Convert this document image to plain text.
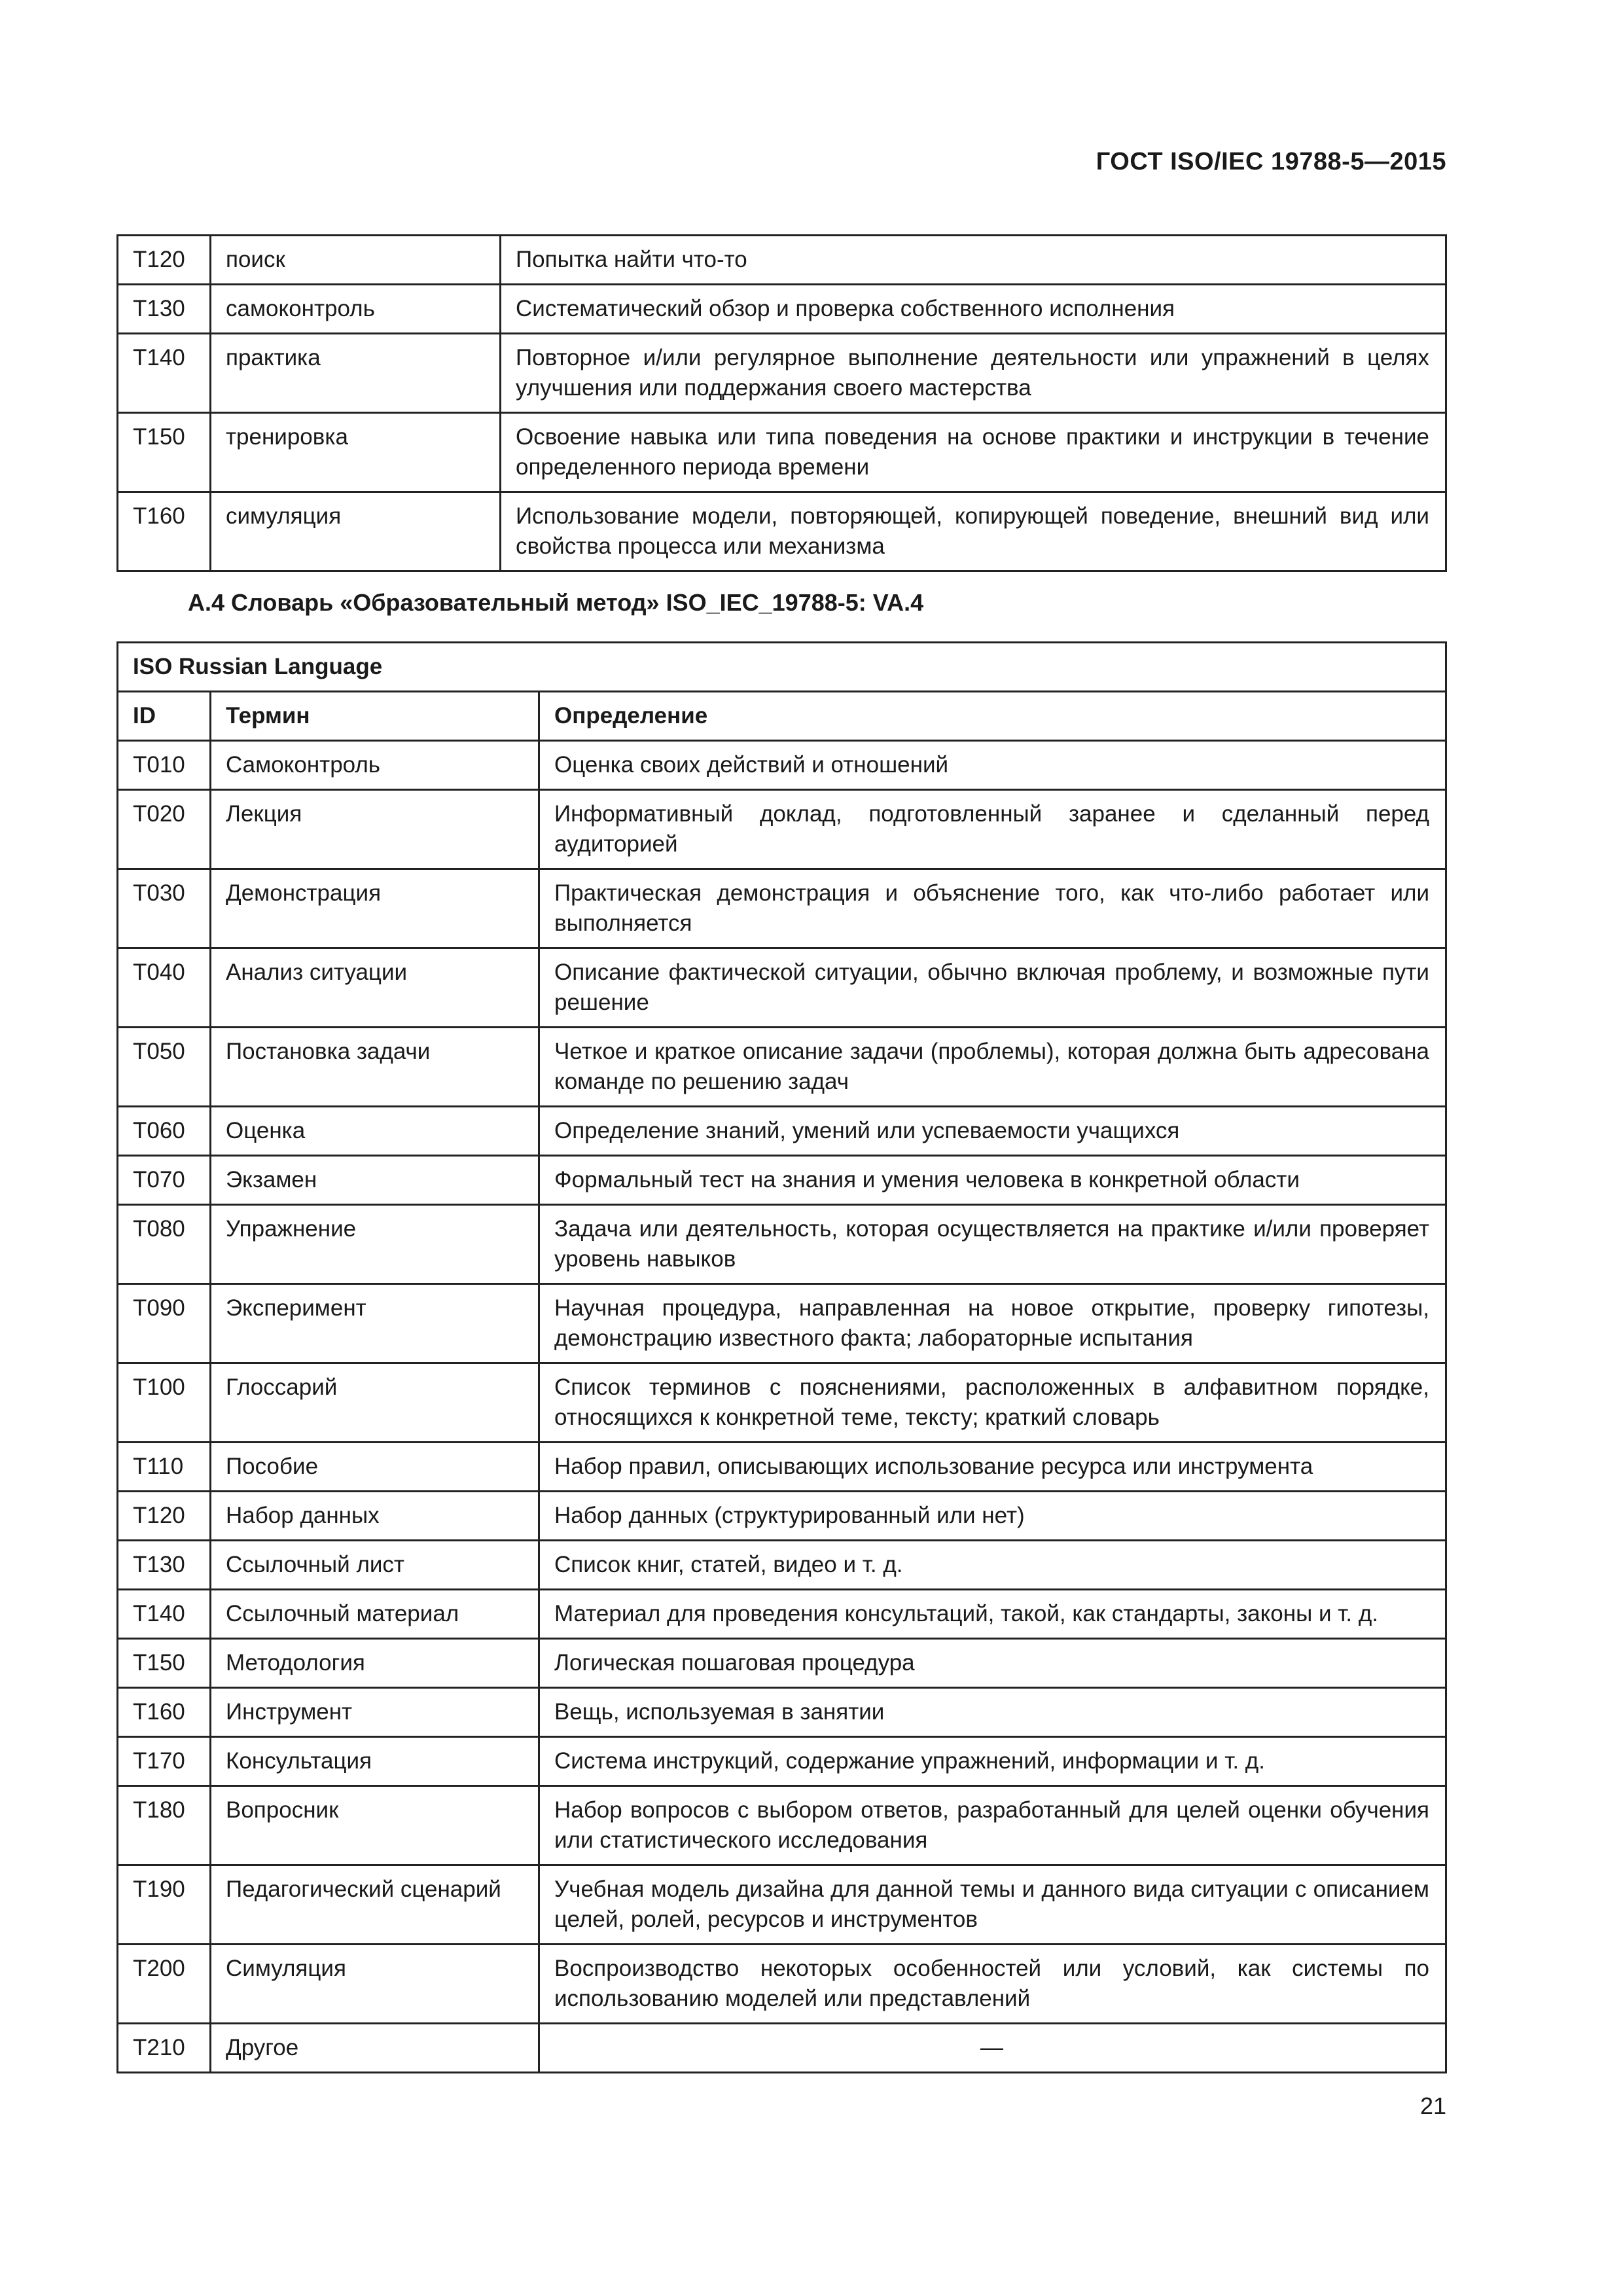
ГОСТ ISO/IEC 19788-5—2015
T120	поиск	Попытка найти что-то
T130	самоконтроль	Систематический обзор и проверка собственного исполнения
T140	практика	Повторное и/или регулярное выполнение деятельности или упражнений в целях улучшения или поддержания своего мастерства
T150	тренировка	Освоение навыка или типа поведения на основе практики и инструкции в течение определенного периода времени
T160	симуляция	Использование модели, повторяющей, копирующей поведение, внешний вид или свойства процесса или механизма
А.4 Словарь «Образовательный метод» ISO_IEC_19788-5: VA.4
ISO Russian Language		
ID	Термин	Определение
T010	Самоконтроль	Оценка своих действий и отношений
T020	Лекция	Информативный доклад, подготовленный заранее и сделанный перед аудиторией
T030	Демонстрация	Практическая демонстрация и объяснение того, как что-либо работает или выполняется
T040	Анализ ситуации	Описание фактической ситуации, обычно включая проблему, и возможные пути решение
T050	Постановка задачи	Четкое и краткое описание задачи (проблемы), которая должна быть адресована команде по решению задач
T060	Оценка	Определение знаний, умений или успеваемости учащихся
T070	Экзамен	Формальный тест на знания и умения человека в конкретной области
T080	Упражнение	Задача или деятельность, которая осуществляется на практике и/или проверяет уровень навыков
T090	Эксперимент	Научная процедура, направленная на новое открытие, проверку гипотезы, демонстрацию известного факта; лабораторные испытания
T100	Глоссарий	Список терминов с пояснениями, расположенных в алфавитном порядке, относящихся к конкретной теме, тексту; краткий словарь
T110	Пособие	Набор правил, описывающих использование ресурса или инструмента
T120	Набор данных	Набор данных (структурированный или нет)
T130	Ссылочный лист	Список книг, статей, видео и т. д.
T140	Ссылочный материал	Материал для проведения консультаций, такой, как стандарты, законы и т. д.
T150	Методология	Логическая пошаговая процедура
T160	Инструмент	Вещь, используемая в занятии
T170	Консультация	Система инструкций, содержание упражнений, информации и т. д.
T180	Вопросник	Набор вопросов с выбором ответов, разработанный для целей оценки обучения или статистического исследования
T190	Педагогический сценарий	Учебная модель дизайна для данной темы и данного вида ситуации с описанием целей, ролей, ресурсов и инструментов
T200	Симуляция	Воспроизводство некоторых особенностей или условий, как системы по использованию моделей или представлений
T210	Другое	—
21
